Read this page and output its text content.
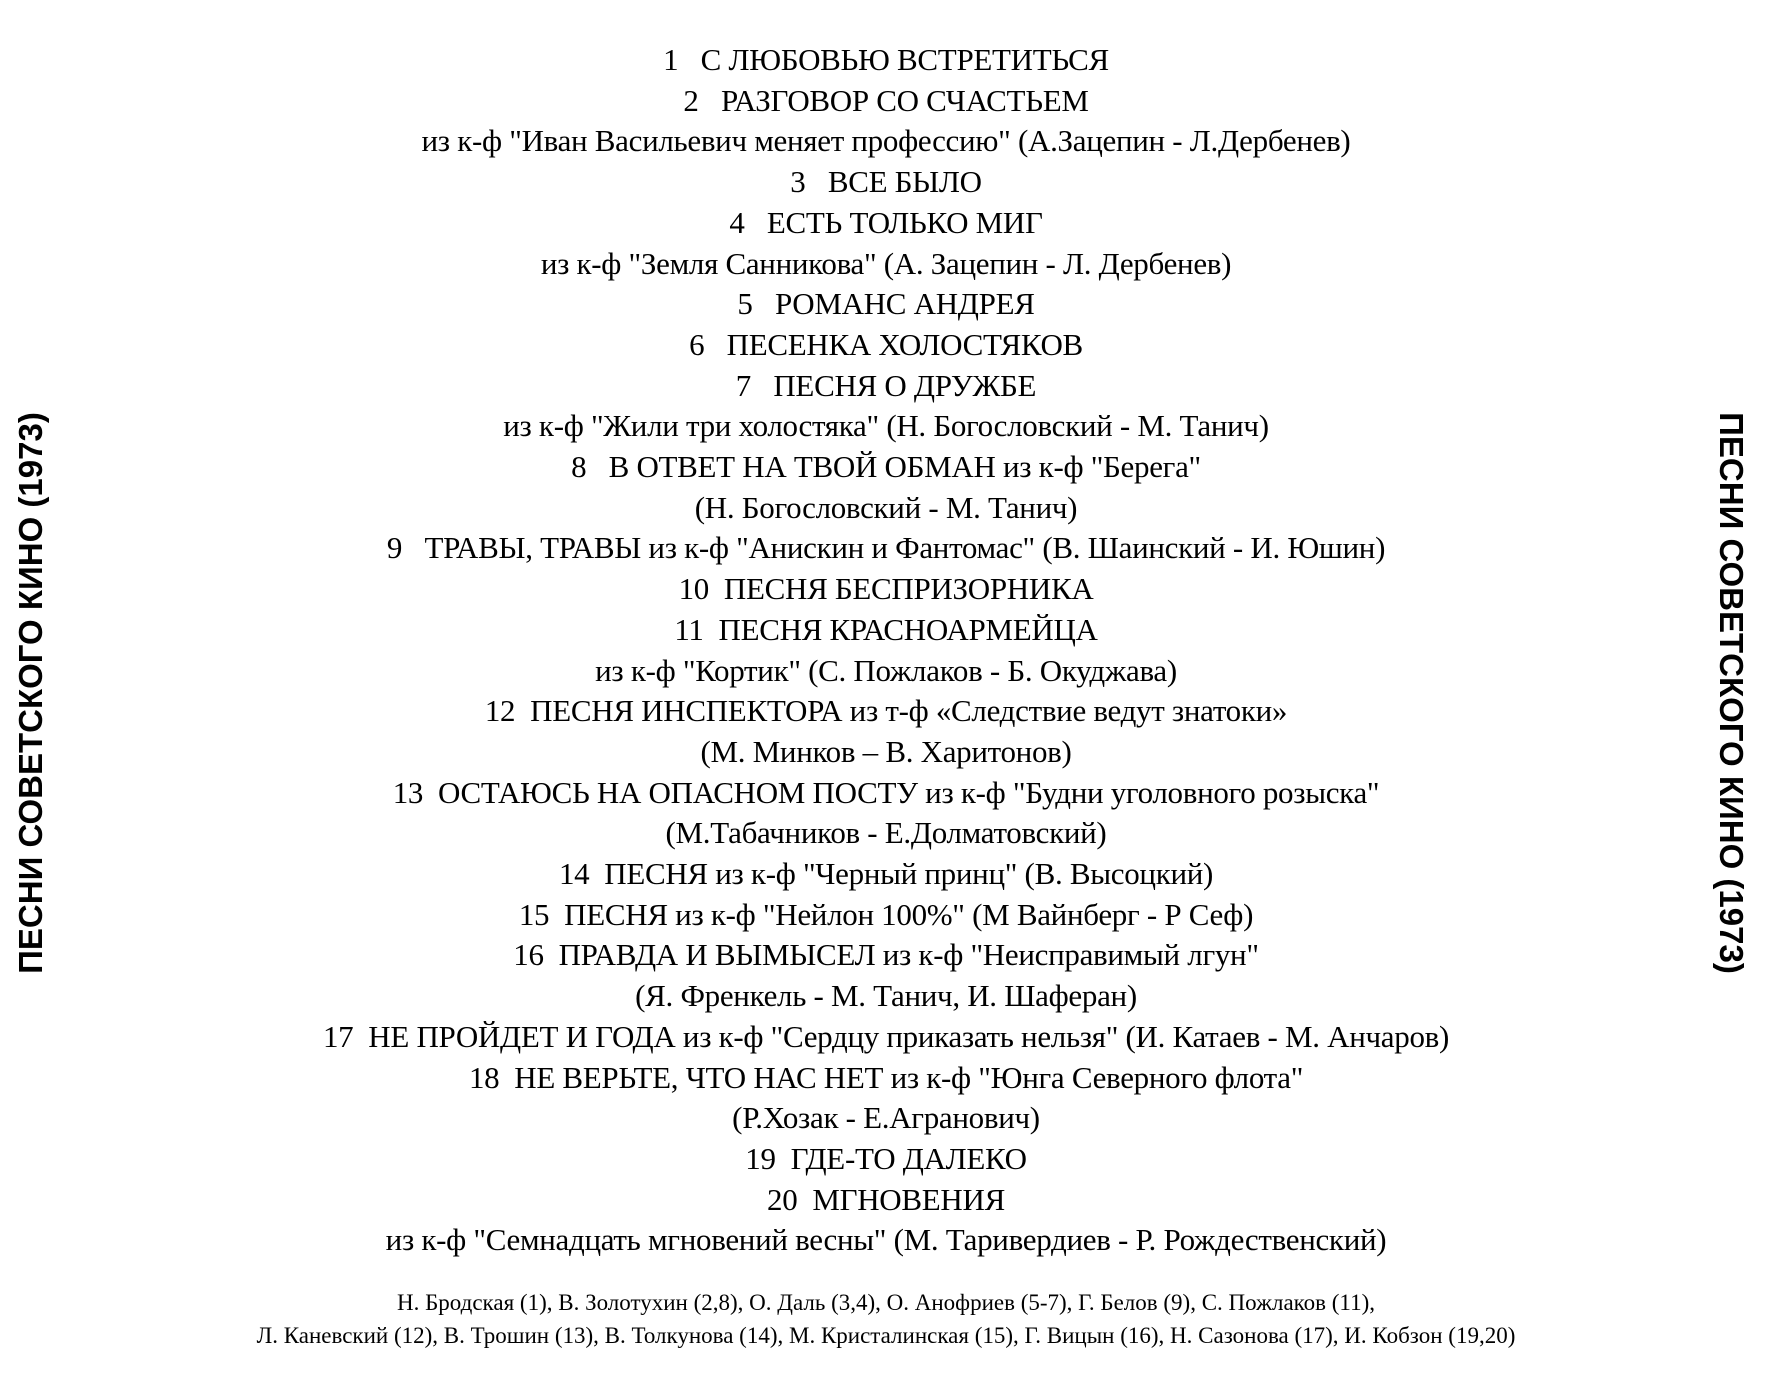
ПЕСНИ СОВЕТСКОГО КИНО (1973)	ПЕСНИ СОВЕТСКОГО КИНО (1973)
1   С ЛЮБОВЬЮ ВСТРЕТИТЬСЯ
2   РАЗГОВОР СО СЧАСТЬЕМ
из к-ф "Иван Васильевич меняет профессию" (А.Зацепин - Л.Дербенев)
3   ВСЕ БЫЛО
4   ЕСТЬ ТОЛЬКО МИГ
из к-ф "Земля Санникова" (А. Зацепин - Л. Дербенев)
5   РОМАНС АНДРЕЯ
6   ПЕСЕНКА ХОЛОСТЯКОВ
7   ПЕСНЯ О ДРУЖБЕ
из к-ф "Жили три холостяка" (Н. Богословский - М. Танич)
8   В ОТВЕТ НА ТВОЙ ОБМАН из к-ф "Берега"
(Н. Богословский - М. Танич)
9   ТРАВЫ, ТРАВЫ из к-ф "Анискин и Фантомас" (В. Шаинский - И. Юшин)
10  ПЕСНЯ БЕСПРИЗОРНИКА
11  ПЕСНЯ КРАСНОАРМЕЙЦА
из к-ф "Кортик" (С. Пожлаков - Б. Окуджава)
12  ПЕСНЯ ИНСПЕКТОРА из т-ф «Следствие ведут знатоки»
(М. Минков – В. Харитонов)
13  ОСТАЮСЬ НА ОПАСНОМ ПОСТУ из к-ф "Будни уголовного розыска"
(М.Табачников - Е.Долматовский)
14  ПЕСНЯ из к-ф "Черный принц" (В. Высоцкий)
15  ПЕСНЯ из к-ф "Нейлон 100%" (М Вайнберг - Р Сеф)
16  ПРАВДА И ВЫМЫСЕЛ из к-ф "Неисправимый лгун"
(Я. Френкель - М. Танич, И. Шаферан)
17  НЕ ПРОЙДЕТ И ГОДА из к-ф "Сердцу приказать нельзя" (И. Катаев - М. Анчаров)
18  НЕ ВЕРЬТЕ, ЧТО НАС НЕТ из к-ф "Юнга Северного флота"
(Р.Хозак - Е.Агранович)
19  ГДЕ-ТО ДАЛЕКО
20  МГНОВЕНИЯ
из к-ф "Семнадцать мгновений весны" (М. Таривердиев - Р. Рождественский)
Н. Бродская (1), В. Золотухин (2,8), О. Даль (3,4), О. Анофриев (5-7), Г. Белов (9), С. Пожлаков (11),
Л. Каневский (12), В. Трошин (13), В. Толкунова (14), М. Кристалинская (15), Г. Вицын (16), Н. Сазонова (17), И. Кобзон (19,20)
